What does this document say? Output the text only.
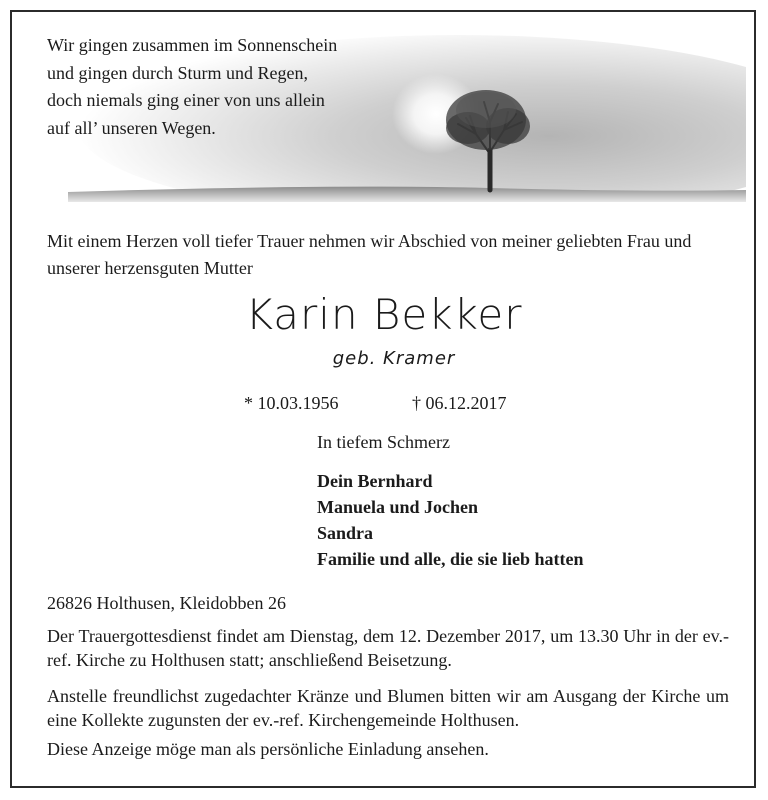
Wir gingen zusammen im Sonnenschein
und gingen durch Sturm und Regen,
doch niemals ging einer von uns allein
auf all’ unseren Wegen.
Mit einem Herzen voll tiefer Trauer nehmen wir Abschied von meiner geliebten Frau und unserer herzensguten Mutter
Karin Bekker
geb. Kramer
* 10.03.1956	† 06.12.2017
In tiefem Schmerz
Dein Bernhard
Manuela und Jochen
Sandra
Familie und alle, die sie lieb hatten
26826 Holthusen, Kleidobben 26
Der Trauergottesdienst findet am Dienstag, dem 12. Dezember 2017, um 13.30 Uhr in der ev.-ref. Kirche zu Holthusen statt; anschließend Beisetzung.
Anstelle freundlichst zugedachter Kränze und Blumen bitten wir am Ausgang der Kirche um eine Kollekte zugunsten der ev.-ref. Kirchengemeinde Holthusen.
Diese Anzeige möge man als persönliche Einladung ansehen.
